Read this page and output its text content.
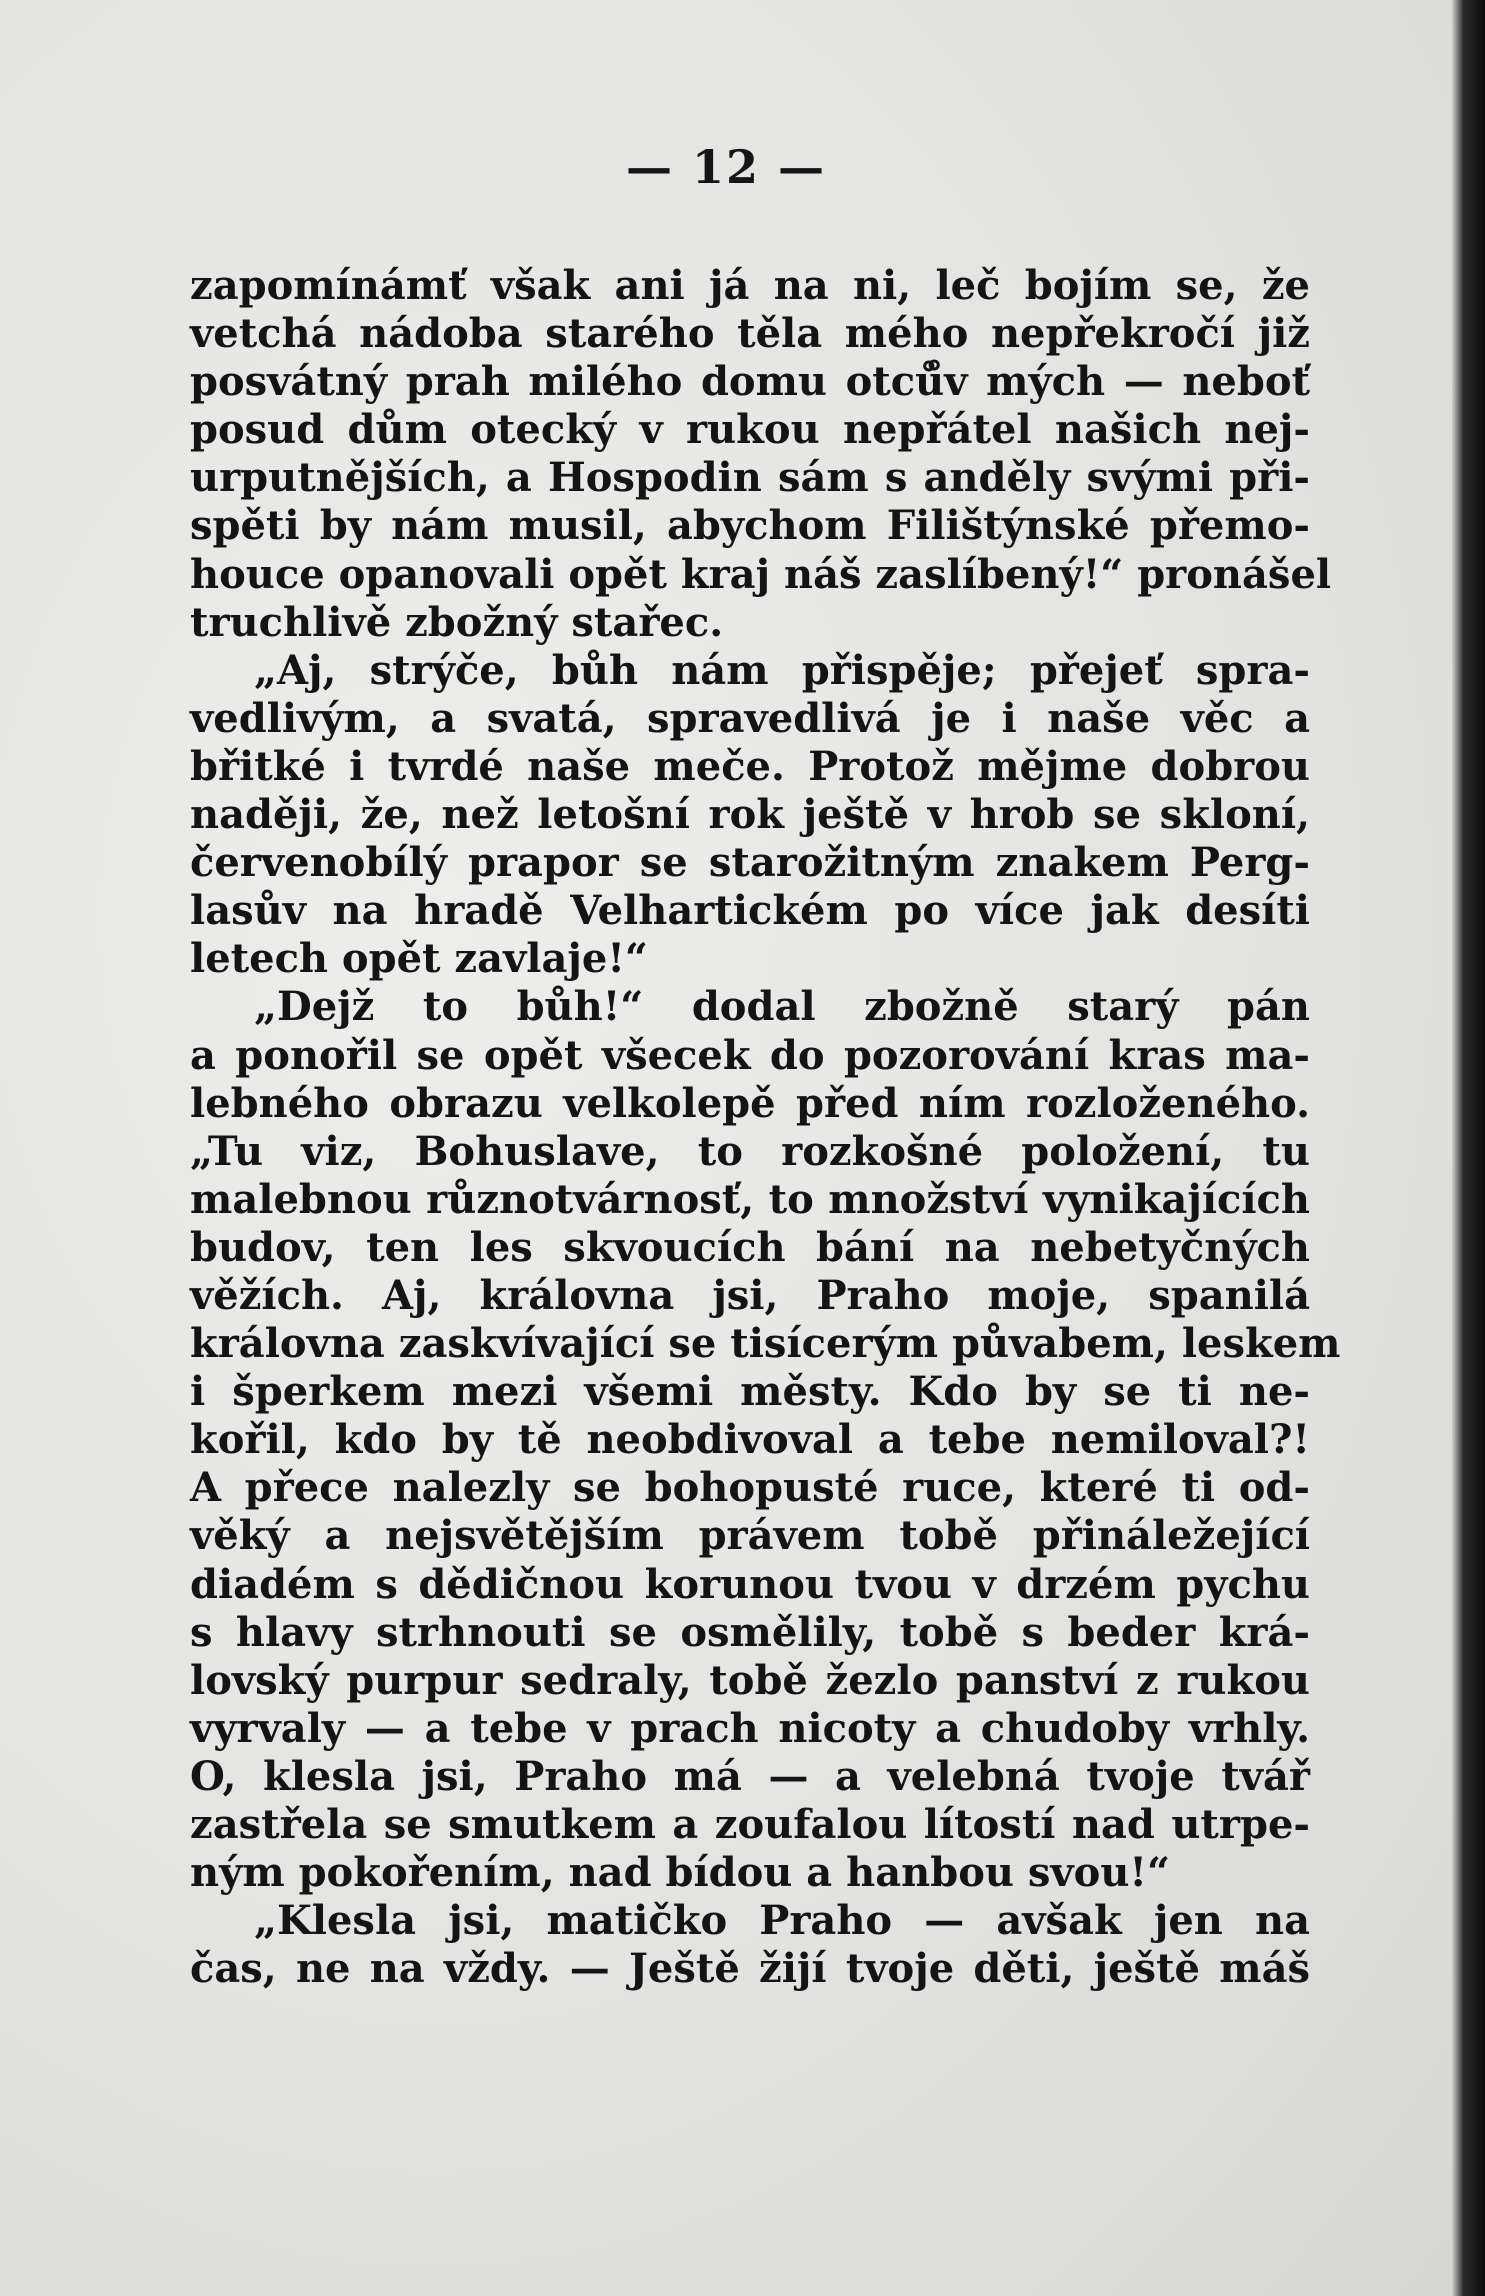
— 12 —
zapomínámť však ani já na ni, leč bojím se, že
vetchá nádoba starého těla mého nepřekročí již
posvátný prah milého domu otců̊v mých — neboť
posud dům otecký v rukou nepřátel našich nej-
urputnějších, a Hospodin sám s anděly svými při-
spěti by nám musil, abychom Filištýnské přemo-
houce opanovali opět kraj náš zaslíbený!“ pronášel
truchlivě zbožný stařec.
„Aj, strýče, bůh nám přispěje; přejeť spra-
vedlivým, a svatá, spravedlivá je i naše věc a
břitké i tvrdé naše meče. Protož mějme dobrou
naději, že, než letošní rok ještě v hrob se skloní,
červenobílý prapor se starožitným znakem Perg-
lasův na hradě Velhartickém po více jak desíti
letech opět zavlaje!“
„Dejž to bůh!“ dodal zbožně starý pán
a ponořil se opět všecek do pozorování kras ma-
lebného obrazu velkolepě před ním rozloženého.
„Tu viz, Bohuslave, to rozkošné položení, tu
malebnou různotvárnosť, to množství vynikajících
budov, ten les skvoucích bání na nebetyčných
věžích. Aj, královna jsi, Praho moje, spanilá
královna zaskvívající se tisícerým půvabem, leskem
i šperkem mezi všemi městy. Kdo by se ti ne-
kořil, kdo by tě neobdivoval a tebe nemiloval?!
A přece nalezly se bohopusté ruce, které ti od-
věký a nejsvětějším právem tobě přináležející
diadém s dědičnou korunou tvou v drzém pychu
s hlavy strhnouti se osmělily, tobě s beder krá-
lovský purpur sedraly, tobě žezlo panství z rukou
vyrvaly — a tebe v prach nicoty a chudoby vrhly.
O, klesla jsi, Praho má — a velebná tvoje tvář
zastřela se smutkem a zoufalou lítostí nad utrpe-
ným pokořením, nad bídou a hanbou svou!“
„Klesla jsi, matičko Praho — avšak jen na
čas, ne na vždy. — Ještě žijí tvoje děti, ještě máš
